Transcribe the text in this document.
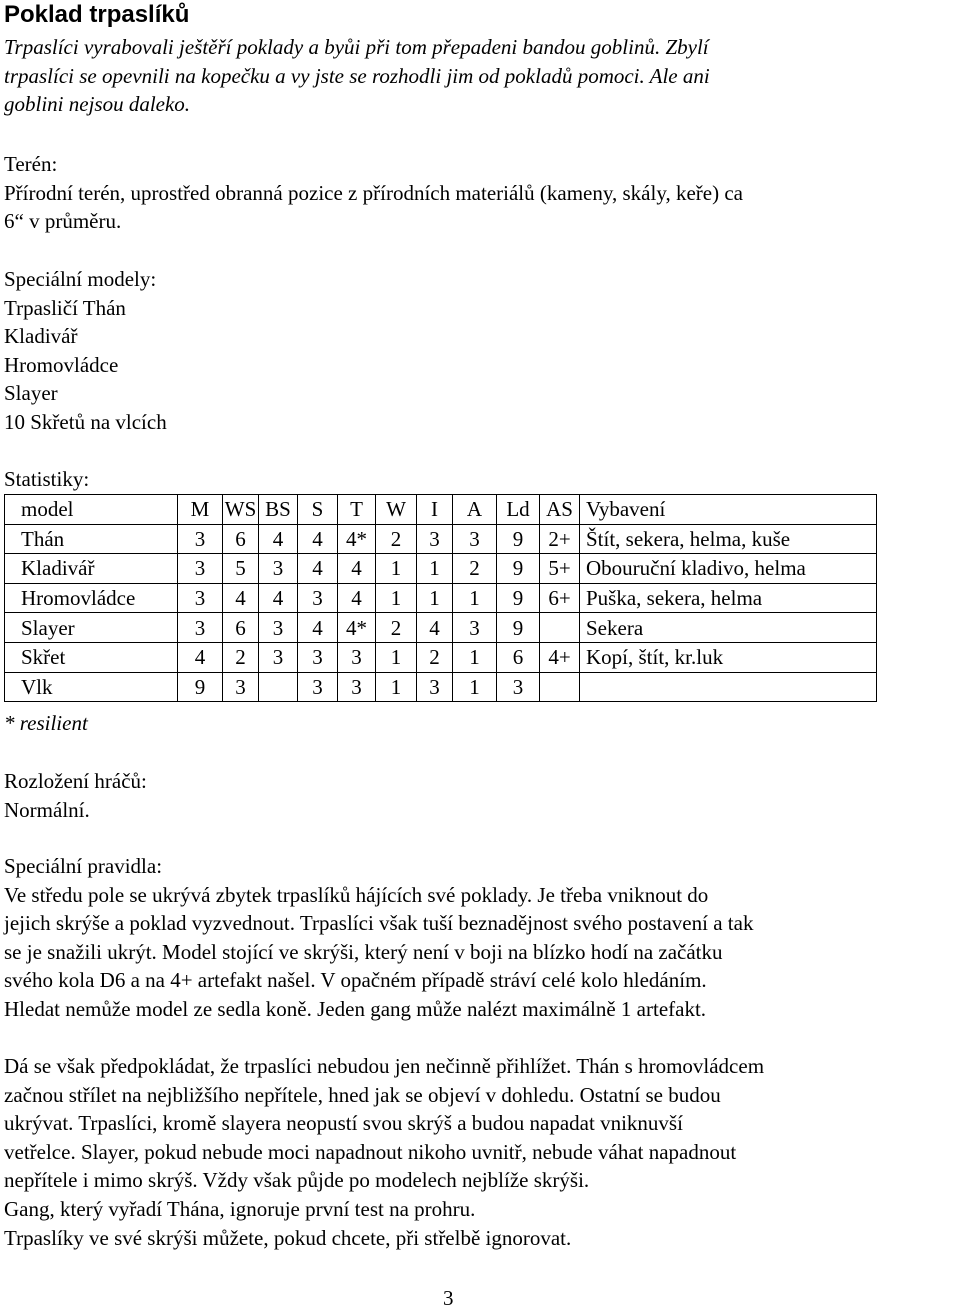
Poklad trpaslíků
Trpaslíci vyrabovali ještěří poklady a byůi při tom přepadeni bandou goblinů. Zbylí
trpaslíci se opevnili na kopečku a vy jste se rozhodli jim od pokladů pomoci. Ale ani
goblini nejsou daleko.
Terén:
Přírodní terén, uprostřed obranná pozice z přírodních materiálů (kameny, skály, keře) ca
6“ v průměru.
Speciální modely:
Trpasličí Thán
Kladivář
Hromovládce
Slayer
10 Skřetů na vlcích
Statistiky:
model	M	WS	BS	S	T	W	I	A	Ld	AS	Vybavení
Thán	3	6	4	4	4*	2	3	3	9	2+	Štít, sekera, helma, kuše
Kladivář	3	5	3	4	4	1	1	2	9	5+	Obouruční kladivo, helma
Hromovládce	3	4	4	3	4	1	1	1	9	6+	Puška, sekera, helma
Slayer	3	6	3	4	4*	2	4	3	9		Sekera
Skřet	4	2	3	3	3	1	2	1	6	4+	Kopí, štít, kr.luk
Vlk	9	3		3	3	1	3	1	3		
* resilient
Rozložení hráčů:
Normální.
Speciální pravidla:
Ve středu pole se ukrývá zbytek trpaslíků hájících své poklady. Je třeba vniknout do
jejich skrýše a poklad vyzvednout. Trpaslíci však tuší beznadějnost svého postavení a tak
se je snažili ukrýt. Model stojící ve skrýši, který není v boji na blízko hodí na začátku
svého kola D6 a na 4+ artefakt našel. V opačném případě stráví celé kolo hledáním.
Hledat nemůže model ze sedla koně. Jeden gang může nalézt maximálně 1 artefakt.
Dá se však předpokládat, že trpaslíci nebudou jen nečinně přihlížet. Thán s hromovládcem
začnou střílet na nejbližšího nepřítele, hned jak se objeví v dohledu. Ostatní se budou
ukrývat. Trpaslíci, kromě slayera neopustí svou skrýš a budou napadat vniknuvší
vetřelce. Slayer, pokud nebude moci napadnout nikoho uvnitř, nebude váhat napadnout
nepřítele i mimo skrýš. Vždy však půjde po modelech nejblíže skrýši.
Gang, který vyřadí Thána, ignoruje první test na prohru.
Trpaslíky ve své skrýši můžete, pokud chcete, při střelbě ignorovat.
3
